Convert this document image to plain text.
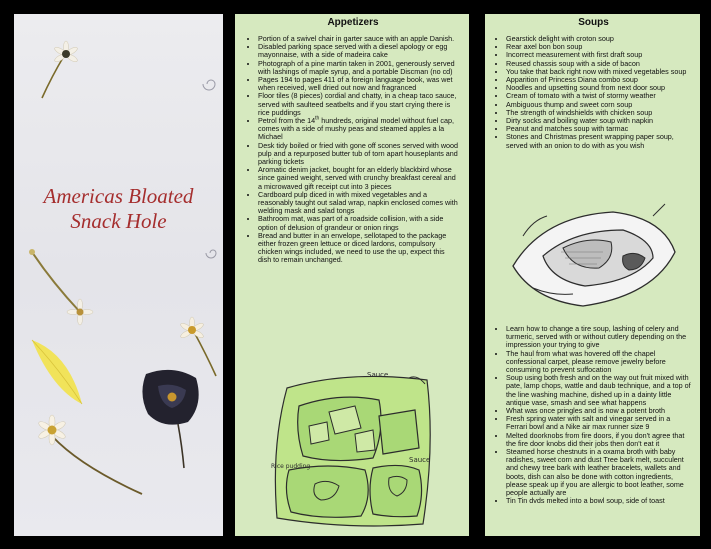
Americas Bloated
Snack Hole
Appetizers
• Portion of a swivel chair in garter sauce with an apple Danish.
• Disabled parking space served with a diesel apology or egg mayonnaise, with a side of madeira cake
• Photograph of a pine martin taken in 2001, generously served with lashings of maple syrup, and a portable Discman (no cd)
• Pages 194 to pages 411 of a foreign language book, was wet when received, well dried out now and fragranced
• Floor tiles (8 pieces) cordial and chatty, in a cheap taco sauce, served with saulteed seatbelts and if you start crying there is rice puddings
• Petrol from the 14th hundreds, original model without fuel cap, comes with a side of mushy peas and steamed apples a la Michael
• Desk tidy boiled or fried with gone off scones served with wood pulp and a repurposed butter tub of torn apart houseplants and parking tickets
• Aromatic denim jacket, bought for an elderly blackbird whose since gained weight, served with crunchy breakfast cereal and a microwaved gift receipt cut into 3 pieces
• Cardboard pulp diced in with mixed vegetables and a reasonably taught out salad wrap, napkin enclosed comes with welding mask and salad tongs
• Bathroom mat, was part of a roadside collision, with a side option of delusion of grandeur or onion rings
• Bread and butter in an envelope, sellotaped to the package either frozen green lettuce or diced lardons, compulsory chicken wings included, we need to use the up, expect this dish to remain unchanged.
Sauce
Sauce
Rice pudding
Soups
• Gearstick delight with croton soup
• Rear axel bon bon soup
• Incorrect measurement with first draft soup
• Reused chassis soup with a side of bacon
• You take that back right now with mixed vegetables soup
• Apparition of Princess Diana combo soup
• Noodles and upsetting sound from next door soup
• Cream of tomato with a twist of stormy weather
• Ambiguous thump and sweet corn soup
• The strength of windshields with chicken soup
• Dirty socks and boiling water soup with napkin
• Peanut and matches soup with tarmac
• Stones and Christmas present wrapping paper soup, served with an onion to do with as you wish
• Learn how to change a tire soup, lashing of celery and turmeric, served with or without cutlery depending on the impression your trying to give
• The haul from what was hovered off the chapel confessional carpet, please remove jewelry before consuming to prevent suffocation
• Soup using both fresh and on the way out fruit mixed with pate, lamp chops, wattle and daub technique, and a top of the line washing machine, dished up in a dainty little antique vase, smash and see what happens
• What was once pringles and is now a potent broth
• Fresh spring water with salt and vinegar served in a Ferrari bowl and a Nike air max runner size 9
• Melted doorknobs from fire doors, if you don't agree that the fire door knobs did their jobs then don't eat it
• Steamed horse chestnuts in a oxama broth with baby radishes, sweet corn and dust Tree bark melt, succulent and chewy tree bark with leather bracelets, wallets and boots, dish can also be done with cotton ingredients, please speak up if you are allergic to boot leather, some people actually are
• Tin Tin dvds melted into a bowl soup, side of toast
